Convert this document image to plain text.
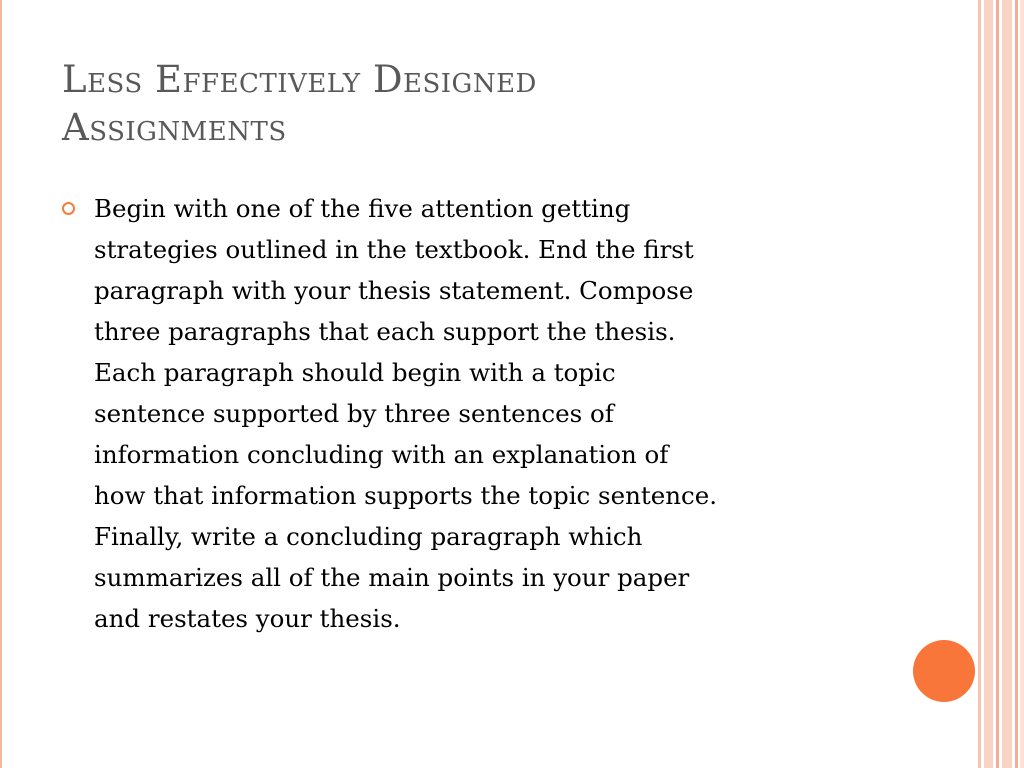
Less Effectively Designed
Assignments
Begin with one of the five attention getting
strategies outlined in the textbook. End the first
paragraph with your thesis statement. Compose
three paragraphs that each support the thesis.
Each paragraph should begin with a topic
sentence supported by three sentences of
information concluding with an explanation of
how that information supports the topic sentence.
Finally, write a concluding paragraph which
summarizes all of the main points in your paper
and restates your thesis.
